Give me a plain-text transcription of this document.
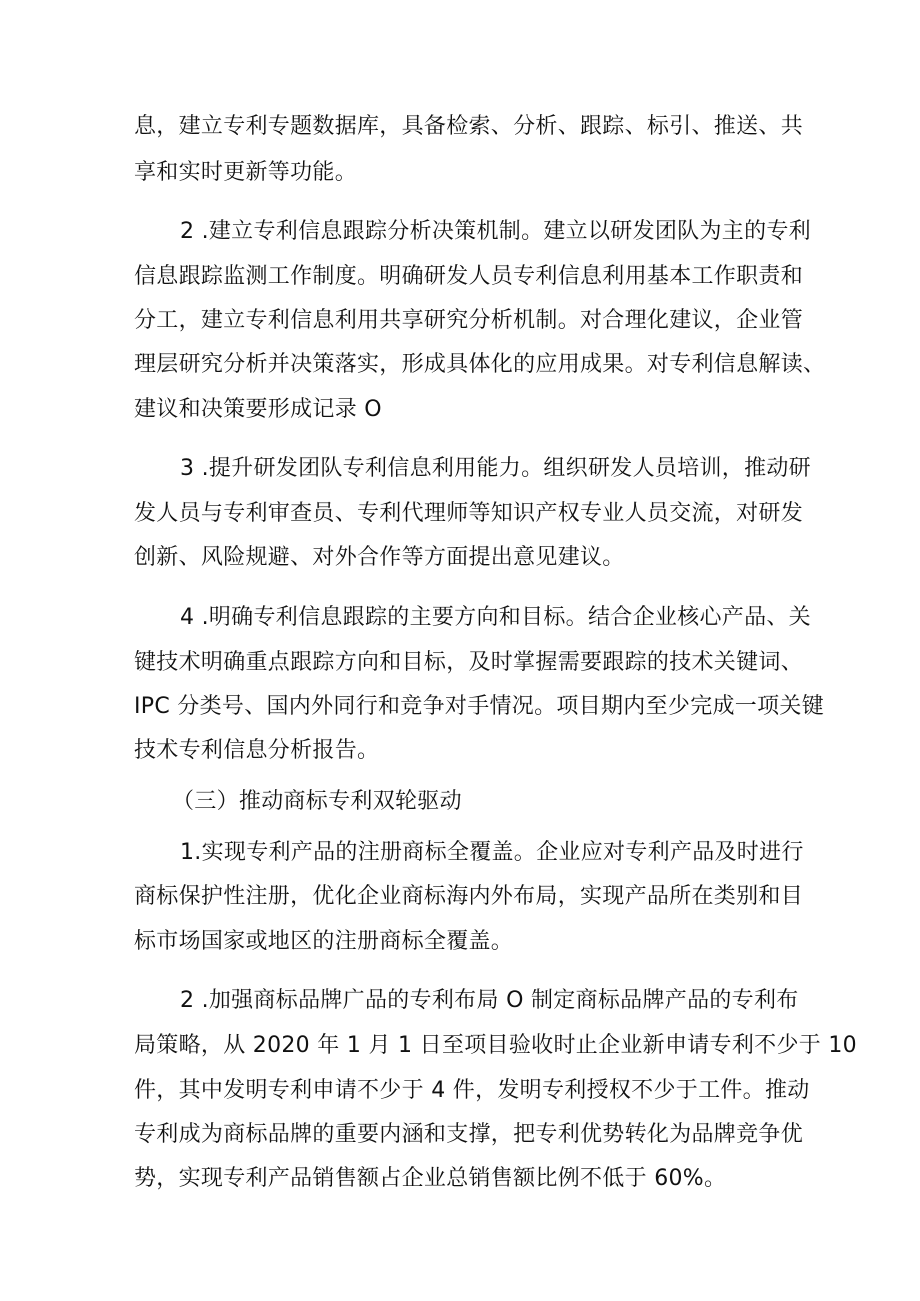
息，建立专利专题数据库，具备检索、分析、跟踪、标引、推送、共
享和实时更新等功能。
2 .建立专利信息跟踪分析决策机制。建立以研发团队为主的专利
信息跟踪监测工作制度。明确研发人员专利信息利用基本工作职责和
分工，建立专利信息利用共享研究分析机制。对合理化建议，企业管
理层研究分析并决策落实，形成具体化的应用成果。对专利信息解读、
建议和决策要形成记录 O
3 .提升研发团队专利信息利用能力。组织研发人员培训，推动研
发人员与专利审查员、专利代理师等知识产权专业人员交流，对研发
创新、风险规避、对外合作等方面提出意见建议。
4 .明确专利信息跟踪的主要方向和目标。结合企业核心产品、关
键技术明确重点跟踪方向和目标，及时掌握需要跟踪的技术关键词、
IPC 分类号、国内外同行和竞争对手情况。项目期内至少完成一项关键
技术专利信息分析报告。
（三）推动商标专利双轮驱动
1.实现专利产品的注册商标全覆盖。企业应对专利产品及时进行
商标保护性注册，优化企业商标海内外布局，实现产品所在类别和目
标市场国家或地区的注册商标全覆盖。
2 .加强商标品牌广品的专利布局 O 制定商标品牌产品的专利布
局策略，从 2020 年 1 月 1 日至项目验收时止企业新申请专利不少于 10
件，其中发明专利申请不少于 4 件，发明专利授权不少于工件。推动
专利成为商标品牌的重要内涵和支撑，把专利优势转化为品牌竞争优
势，实现专利产品销售额占企业总销售额比例不低于 60%。
